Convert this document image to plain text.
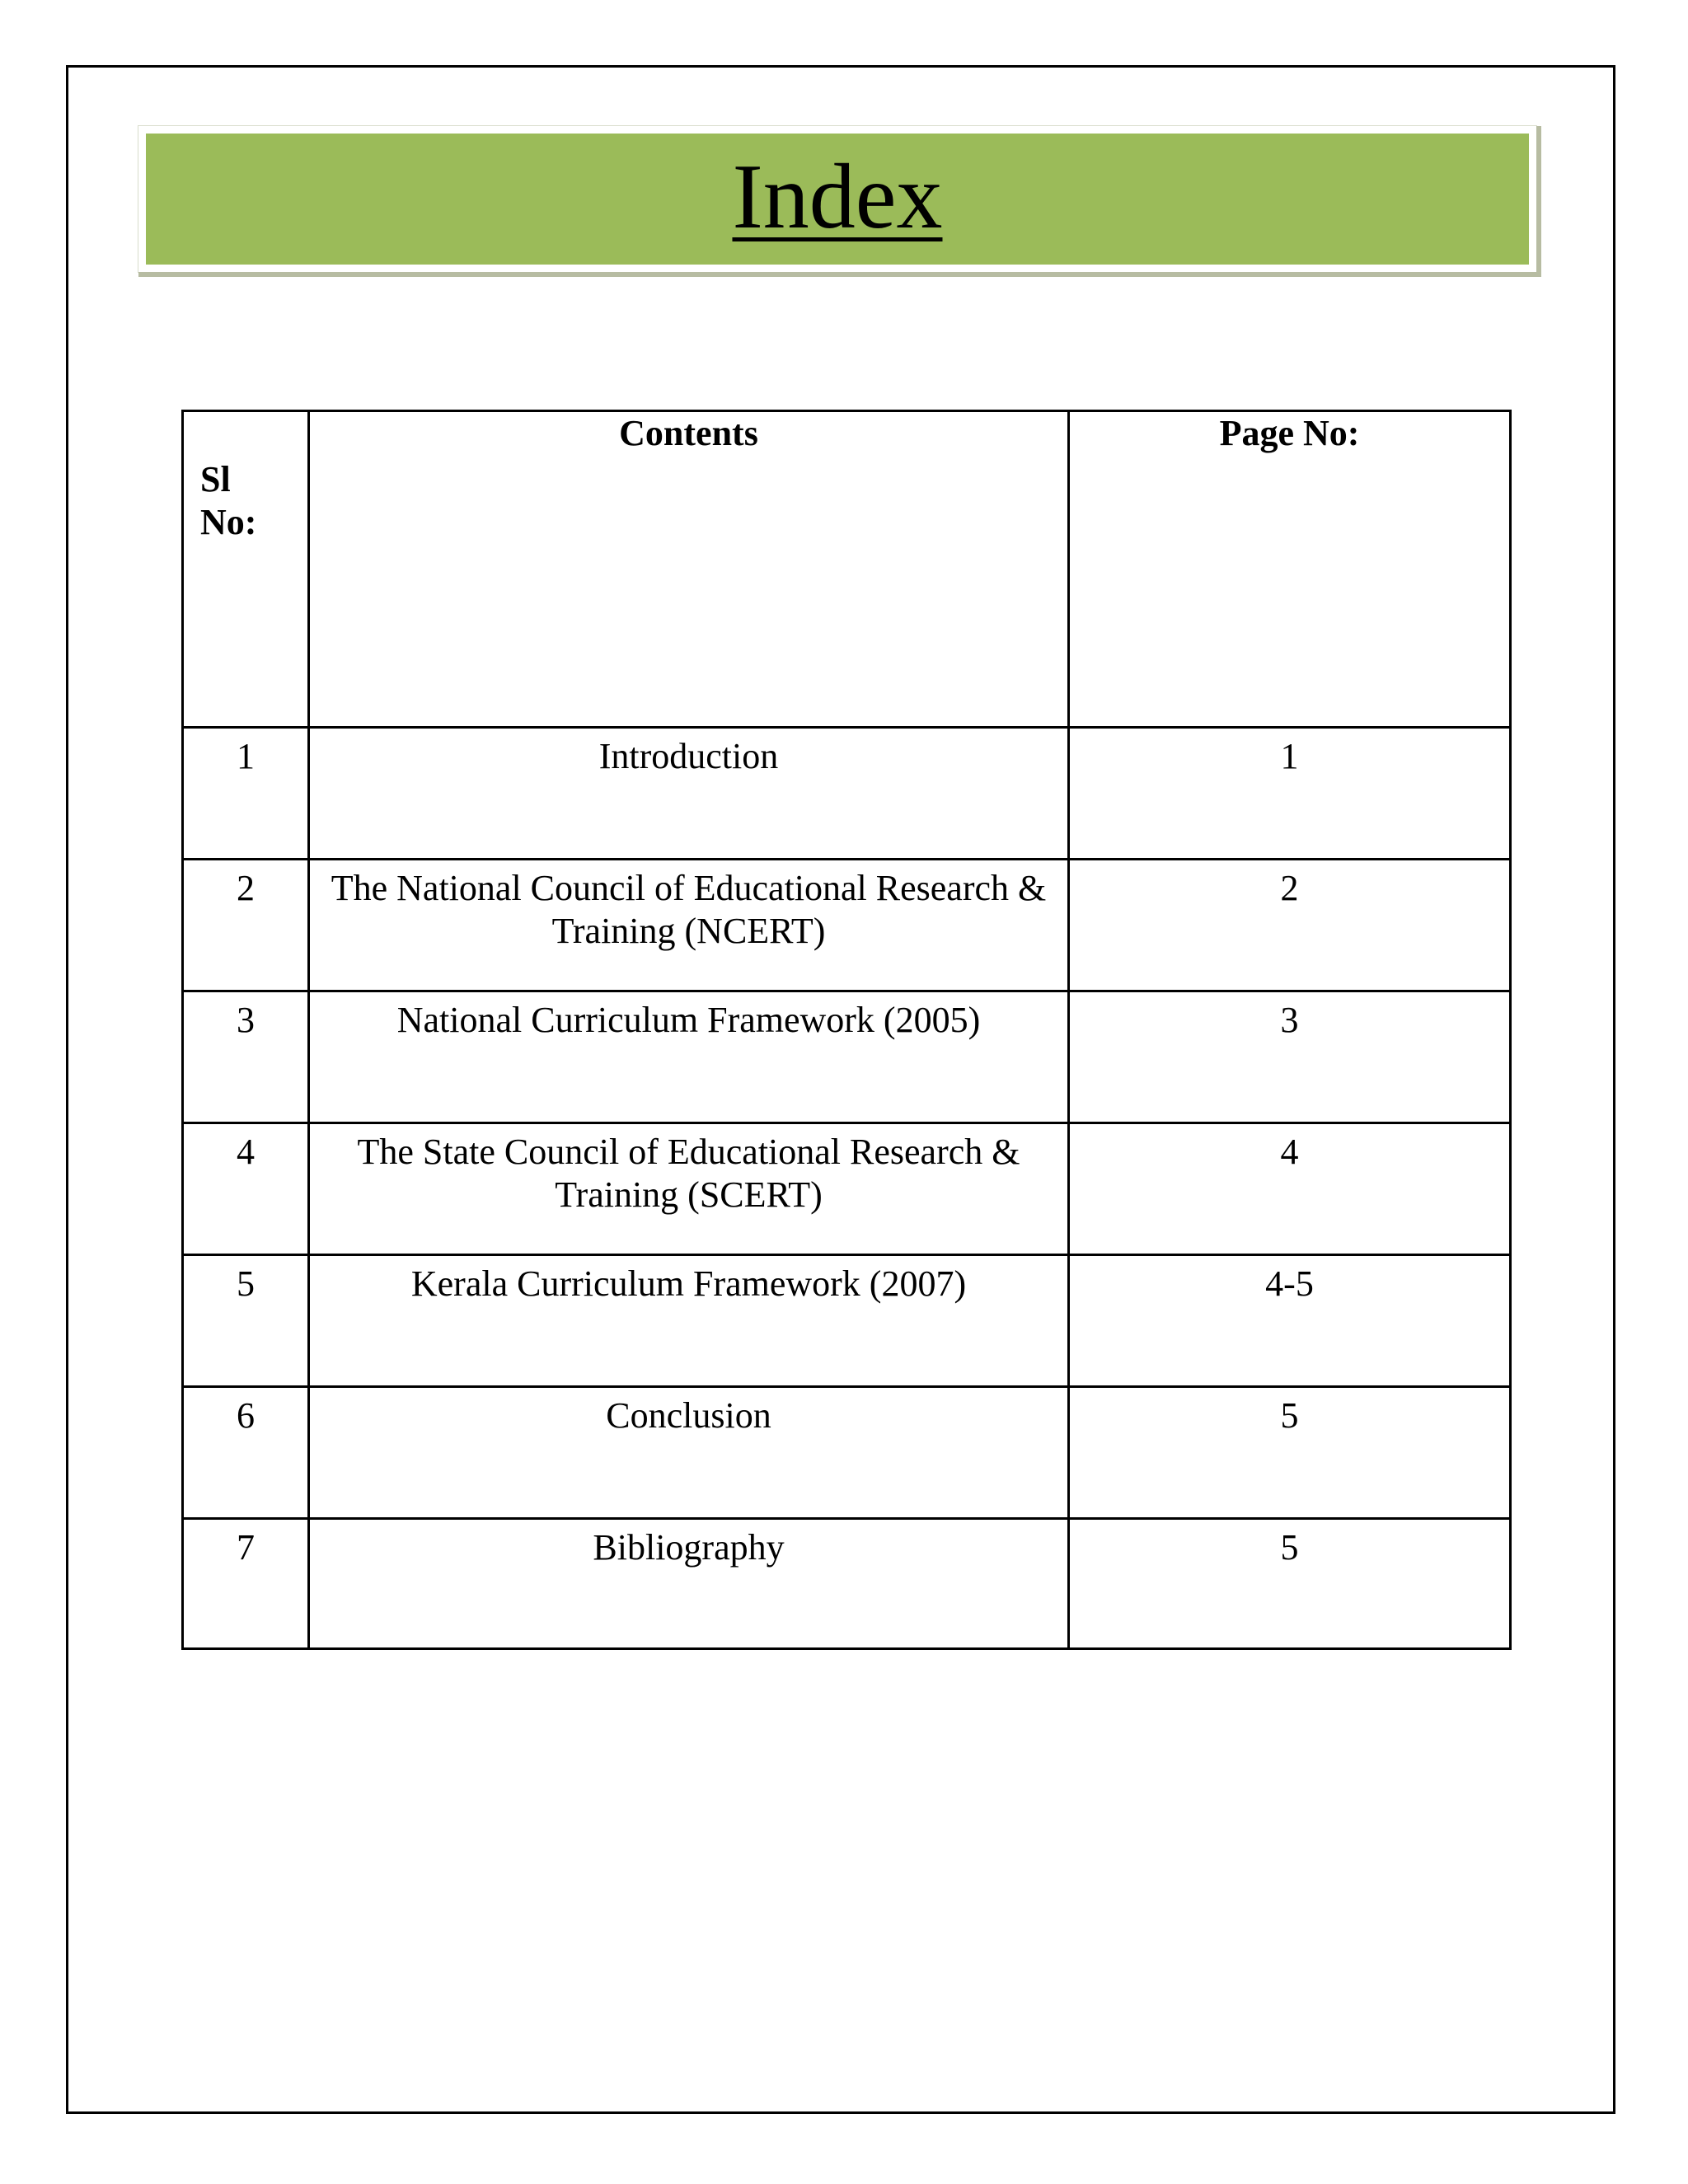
Index
Sl
No:	Contents	Page No:
1	Introduction	1
2	The National Council of Educational Research & Training (NCERT)	2
3	National Curriculum Framework (2005)	3
4	The State Council of Educational Research & Training (SCERT)	4
5	Kerala Curriculum Framework (2007)	4-5
6	Conclusion	5
7	Bibliography	5
